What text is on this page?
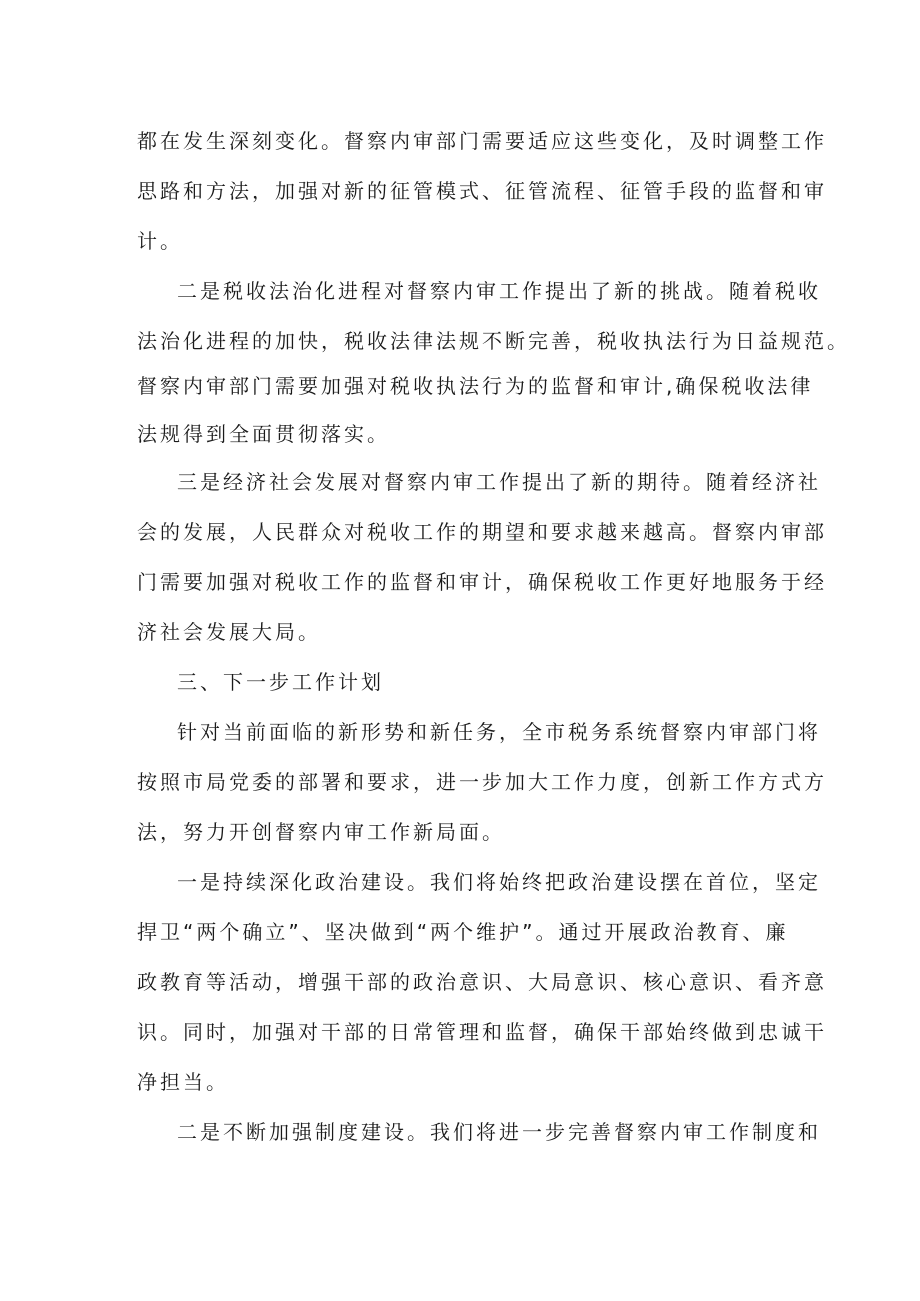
都在发生深刻变化。督察内审部门需要适应这些变化，及时调整工作
思路和方法，加强对新的征管模式、征管流程、征管手段的监督和审
计。
二是税收法治化进程对督察内审工作提出了新的挑战。随着税收
法治化进程的加快，税收法律法规不断完善，税收执法行为日益规范。
督察内审部门需要加强对税收执法行为的监督和审计,确保税收法律
法规得到全面贯彻落实。
三是经济社会发展对督察内审工作提出了新的期待。随着经济社
会的发展，人民群众对税收工作的期望和要求越来越高。督察内审部
门需要加强对税收工作的监督和审计，确保税收工作更好地服务于经
济社会发展大局。
三、下一步工作计划
针对当前面临的新形势和新任务，全市税务系统督察内审部门将
按照市局党委的部署和要求，进一步加大工作力度，创新工作方式方
法，努力开创督察内审工作新局面。
一是持续深化政治建设。我们将始终把政治建设摆在首位，坚定
捍卫“两个确立”、坚决做到“两个维护”。通过开展政治教育、廉
政教育等活动，增强干部的政治意识、大局意识、核心意识、看齐意
识。同时，加强对干部的日常管理和监督，确保干部始终做到忠诚干
净担当。
二是不断加强制度建设。我们将进一步完善督察内审工作制度和
